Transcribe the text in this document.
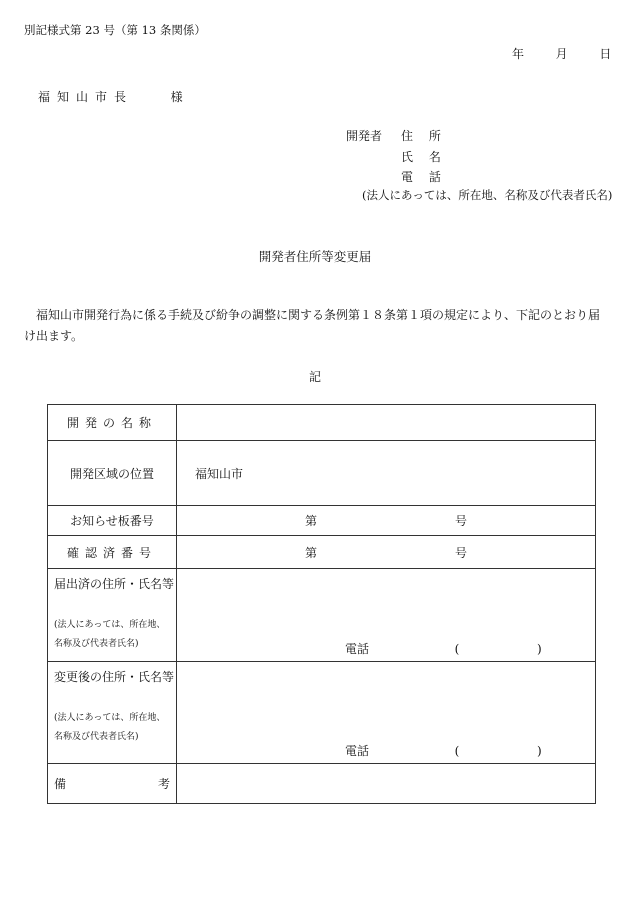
別記様式第 23 号（第 13 条関係）
年	月	日
福知山市長	様
開発者 住 所
氏 名
電 話
(法人にあっては、所在地、名称及び代表者氏名)
開発者住所等変更届
福知山市開発行為に係る手続及び紛争の調整に関する条例第１８条第１項の規定により、下記のとおり届け出ます。
記
開発の名称	
開発区域の位置	福知山市
お知らせ板番号	第 号

確認済番号	第 号

届出済の住所・氏名等
(法人にあっては、所在地、名称及び代表者氏名)	電話 ( )

変更後の住所・氏名等
(法人にあっては、所在地、名称及び代表者氏名)	電話 ( )

備 考	
